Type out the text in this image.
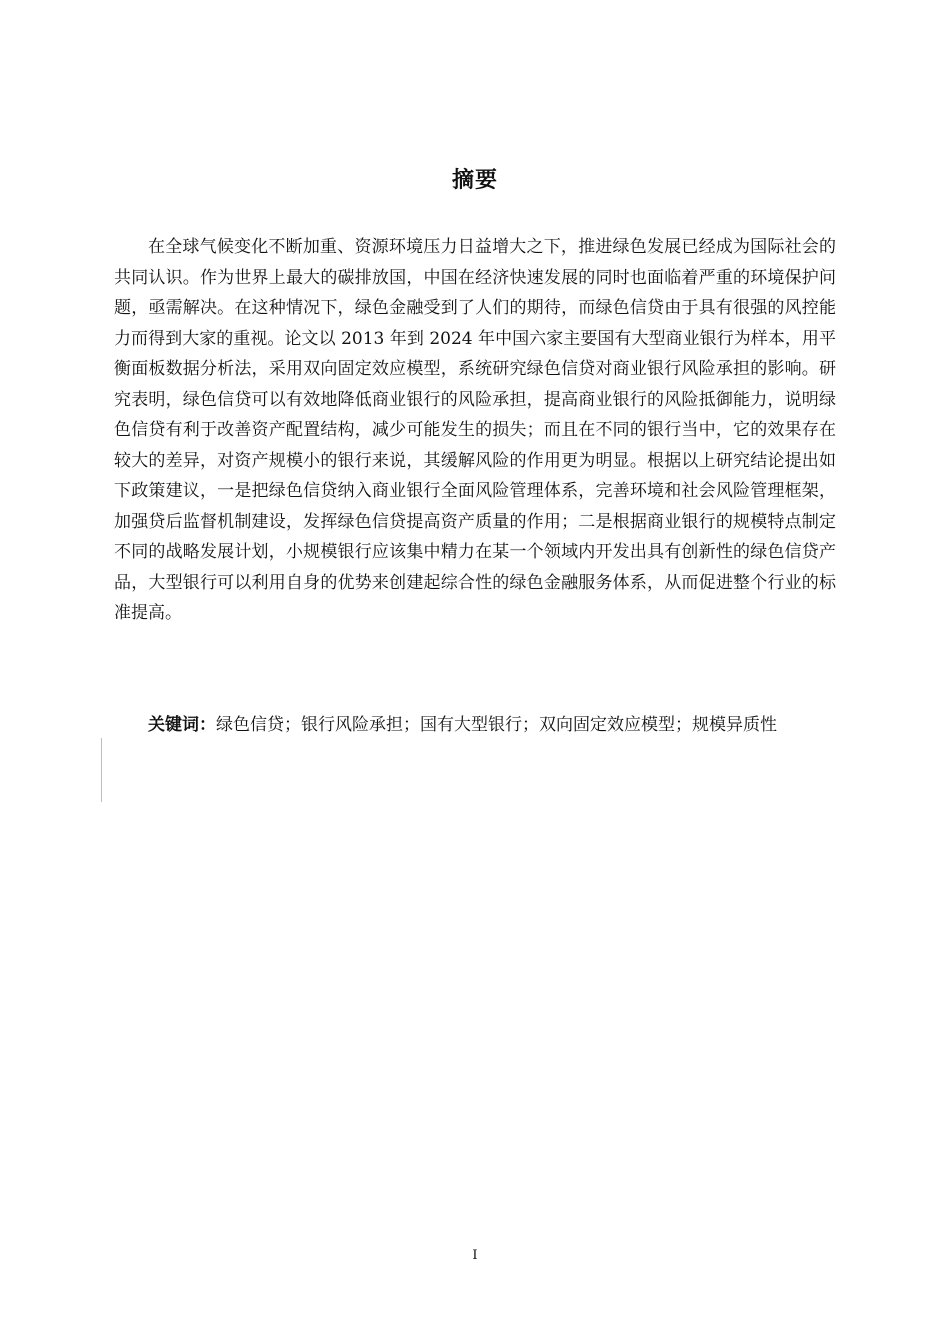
摘要

在全球气候变化不断加重、资源环境压力日益增大之下，推进绿色发展已经成为国际社会的共同认识。作为世界上最大的碳排放国，中国在经济快速发展的同时也面临着严重的环境保护问题，亟需解决。在这种情况下，绿色金融受到了人们的期待，而绿色信贷由于具有很强的风控能力而得到大家的重视。论文以 2013 年到 2024 年中国六家主要国有大型商业银行为样本，用平衡面板数据分析法，采用双向固定效应模型，系统研究绿色信贷对商业银行风险承担的影响。研究表明，绿色信贷可以有效地降低商业银行的风险承担，提高商业银行的风险抵御能力，说明绿色信贷有利于改善资产配置结构，减少可能发生的损失；而且在不同的银行当中，它的效果存在较大的差异，对资产规模小的银行来说，其缓解风险的作用更为明显。根据以上研究结论提出如下政策建议，一是把绿色信贷纳入商业银行全面风险管理体系，完善环境和社会风险管理框架，加强贷后监督机制建设，发挥绿色信贷提高资产质量的作用；二是根据商业银行的规模特点制定不同的战略发展计划，小规模银行应该集中精力在某一个领域内开发出具有创新性的绿色信贷产品，大型银行可以利用自身的优势来创建起综合性的绿色金融服务体系，从而促进整个行业的标准提高。

关键词：绿色信贷；银行风险承担；国有大型银行；双向固定效应模型；规模异质性

I
